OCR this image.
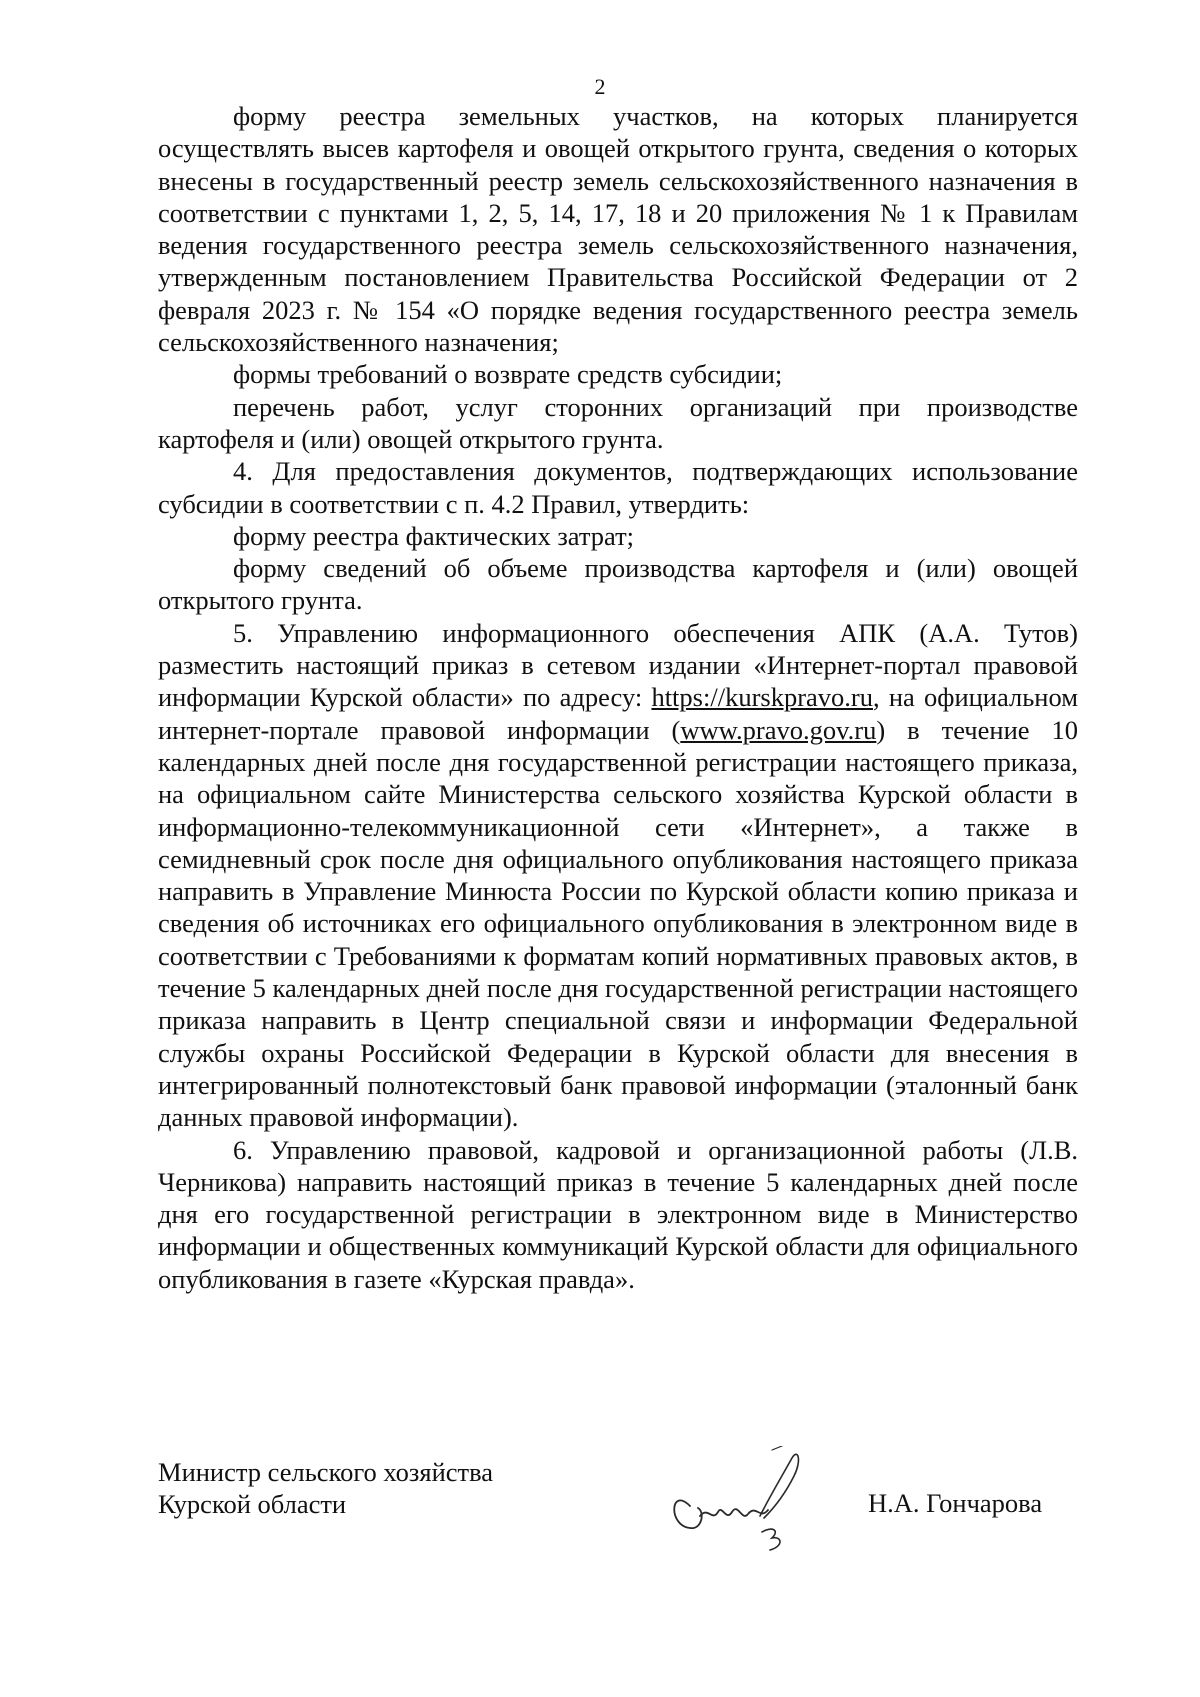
2

форму реестра земельных участков, на которых планируется осуществлять высев картофеля и овощей открытого грунта, сведения о которых внесены в государственный реестр земель сельскохозяйственного назначения в соответствии с пунктами 1, 2, 5, 14, 17, 18 и 20 приложения № 1 к Правилам ведения государственного реестра земель сельскохозяйственного назначения, утвержденным постановлением Правительства Российской Федерации от 2 февраля 2023 г. № 154 «О порядке ведения государственного реестра земель сельскохозяйственного назначения;

формы требований о возврате средств субсидии;

перечень работ, услуг сторонних организаций при производстве картофеля и (или) овощей открытого грунта.

4. Для предоставления документов, подтверждающих использование субсидии в соответствии с п. 4.2 Правил, утвердить:

форму реестра фактических затрат;

форму сведений об объеме производства картофеля и (или) овощей открытого грунта.

5. Управлению информационного обеспечения АПК (А.А. Тутов) разместить настоящий приказ в сетевом издании «Интернет-портал правовой информации Курской области» по адресу: https://kurskpravo.ru, на официальном интернет-портале правовой информации (www.pravo.gov.ru) в течение 10 календарных дней после дня государственной регистрации настоящего приказа, на официальном сайте Министерства сельского хозяйства Курской области в информационно-телекоммуникационной сети «Интернет», а также в семидневный срок после дня официального опубликования настоящего приказа направить в Управление Минюста России по Курской области копию приказа и сведения об источниках его официального опубликования в электронном виде в соответствии с Требованиями к форматам копий нормативных правовых актов, в течение 5 календарных дней после дня государственной регистрации настоящего приказа направить в Центр специальной связи и информации Федеральной службы охраны Российской Федерации в Курской области для внесения в интегрированный полнотекстовый банк правовой информации (эталонный банк данных правовой информации).

6. Управлению правовой, кадровой и организационной работы (Л.В. Черникова) направить настоящий приказ в течение 5 календарных дней после дня его государственной регистрации в электронном виде в Министерство информации и общественных коммуникаций Курской области для официального опубликования в газете «Курская правда».

Министр сельского хозяйства
Курской области	Н.А. Гончарова
